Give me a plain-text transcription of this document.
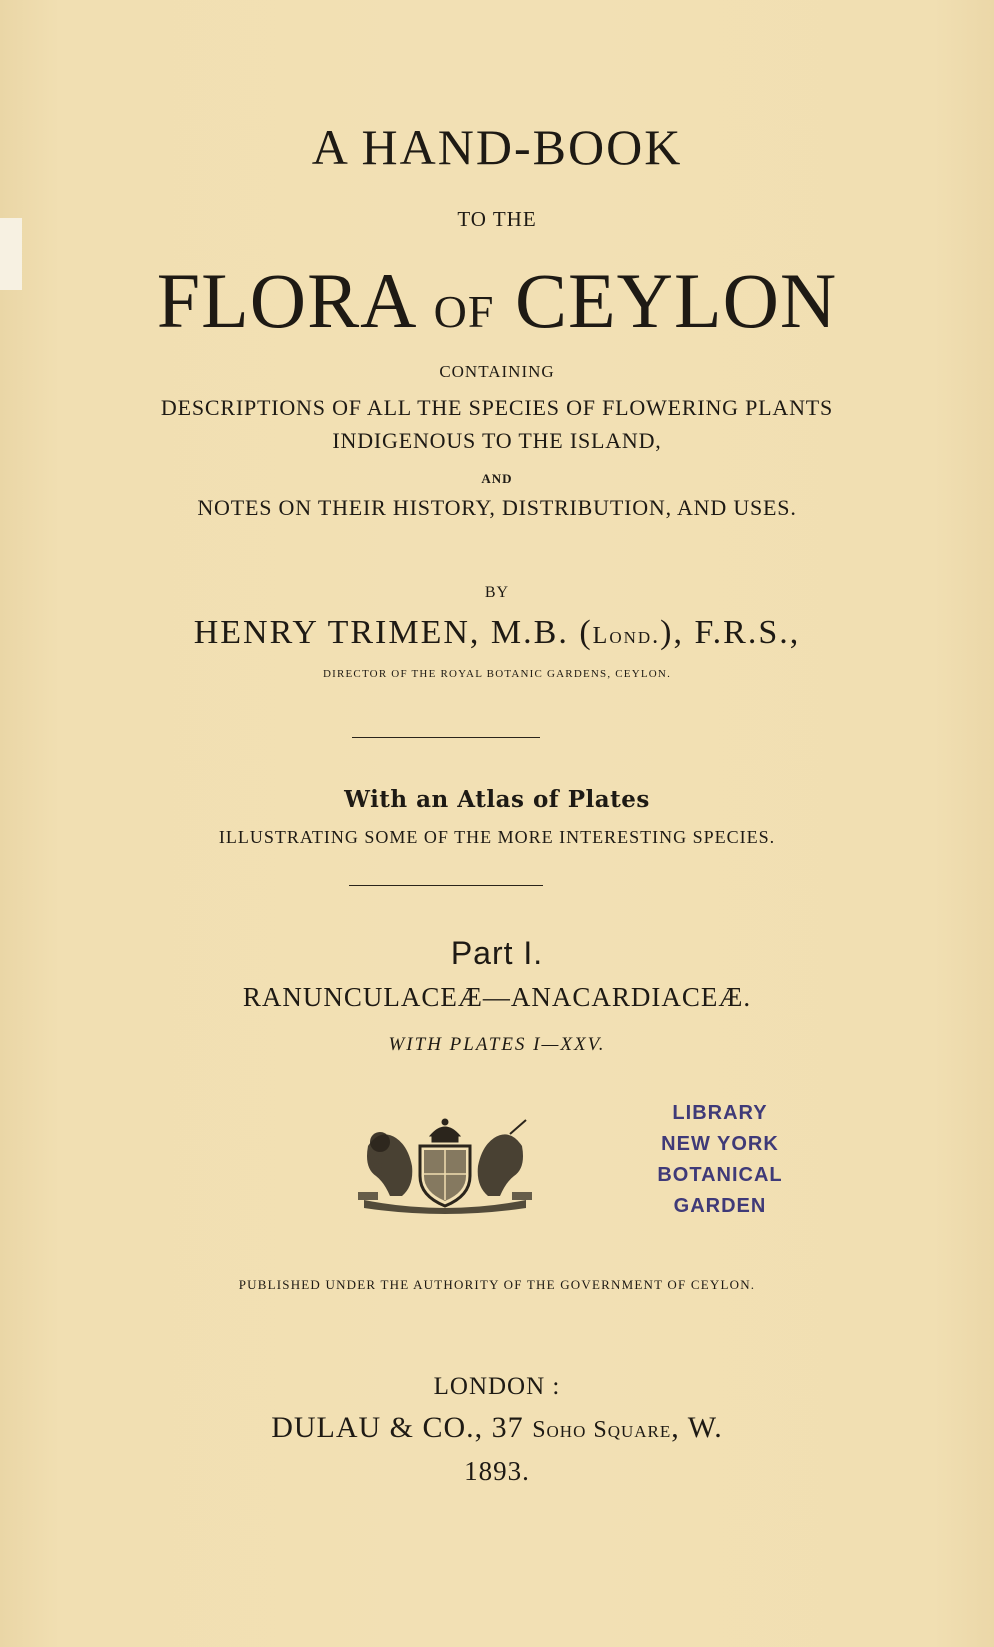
A HAND-BOOK
TO THE
FLORA OF CEYLON
CONTAINING
DESCRIPTIONS OF ALL THE SPECIES OF FLOWERING PLANTS
INDIGENOUS TO THE ISLAND,
AND
NOTES ON THEIR HISTORY, DISTRIBUTION, AND USES.
BY
HENRY TRIMEN, M.B. (Lond.), F.R.S.,
DIRECTOR OF THE ROYAL BOTANIC GARDENS, CEYLON.
With an Atlas of Plates
ILLUSTRATING SOME OF THE MORE INTERESTING SPECIES.
Part I.
RANUNCULACEÆ—ANACARDIACEÆ.
WITH PLATES I—XXV.
LIBRARY
NEW YORK
BOTANICAL
GARDEN
PUBLISHED UNDER THE AUTHORITY OF THE GOVERNMENT OF CEYLON.
LONDON :
DULAU & CO., 37 Soho Square, W.
1893.
